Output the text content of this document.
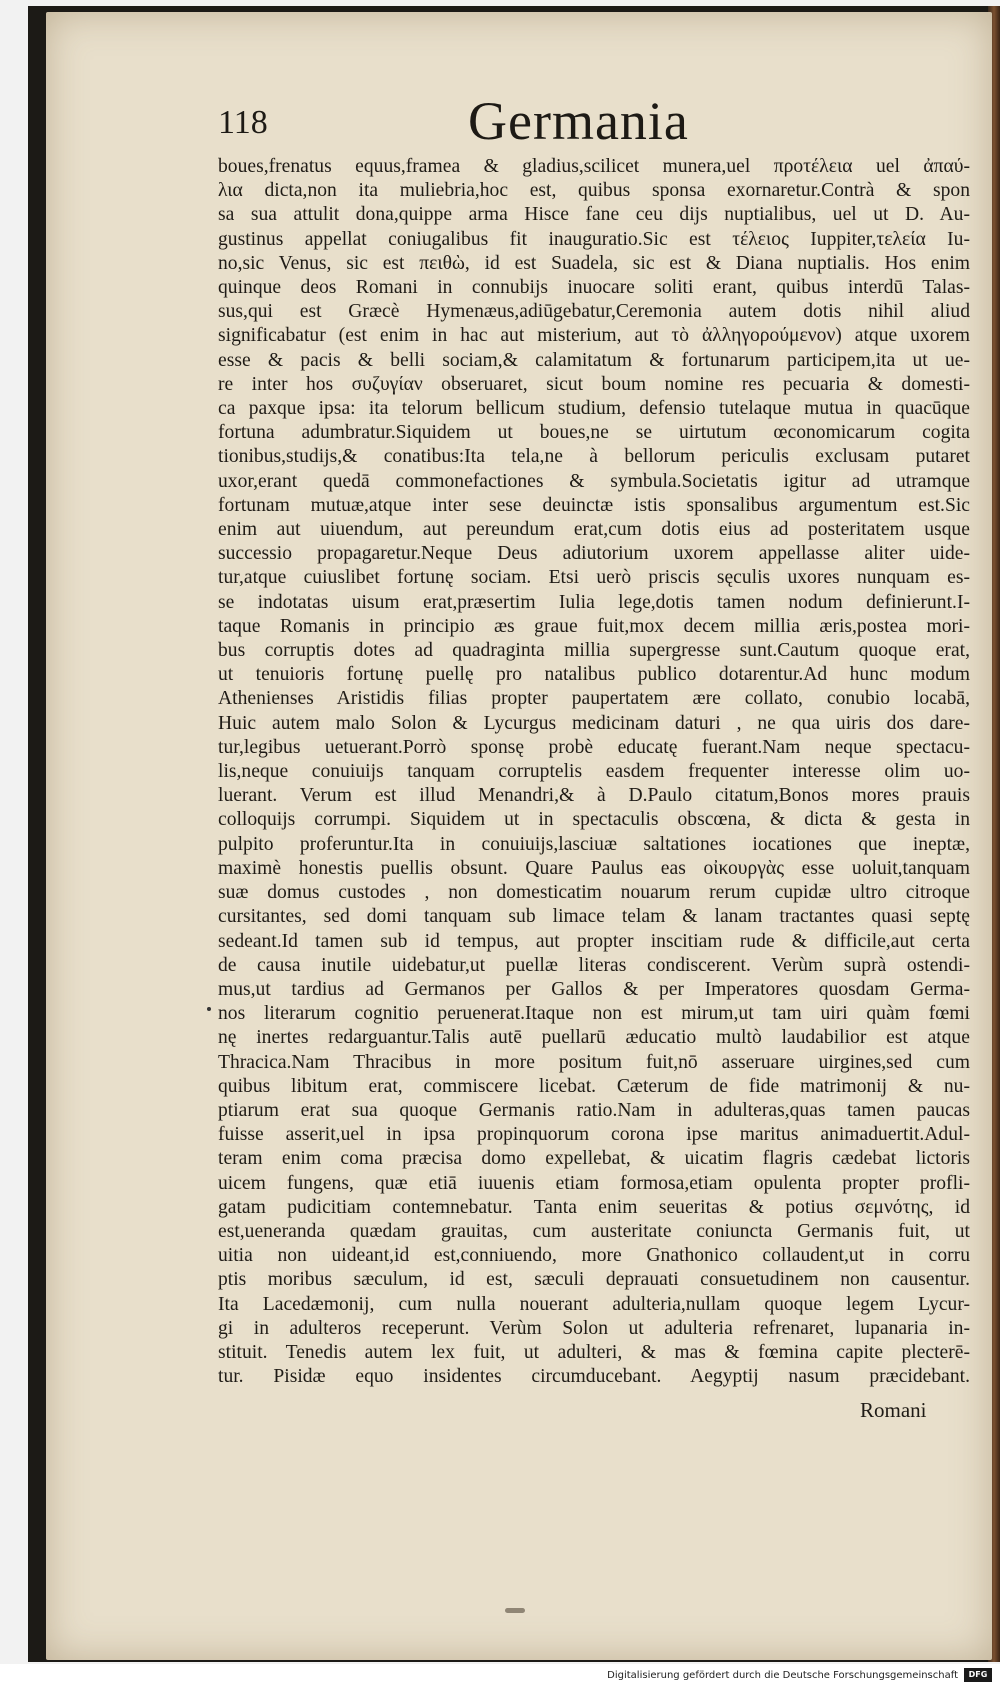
118	Germania
boues,frenatus equus,framea & gladius,scilicet munera,uel προτέλεια uel ἀπαύ-
λια dicta,non ita muliebria,hoc est, quibus sponsa exornaretur.Contrà & spon
sa sua attulit dona,quippe arma Hisce fane ceu dijs nuptialibus, uel ut D. Au-
gustinus appellat coniugalibus fit inauguratio.Sic est τέλειος Iuppiter,τελεία Iu-
no,sic Venus, sic est πειθὼ, id est Suadela, sic est & Diana nuptialis. Hos enim
quinque deos Romani in connubijs inuocare soliti erant, quibus interdū Talas-
sus,qui est Græcè Hymenæus,adiūgebatur,Ceremonia autem dotis nihil aliud
significabatur (est enim in hac aut misterium, aut τὸ ἀλληγορούμενον) atque uxorem
esse & pacis & belli sociam,& calamitatum & fortunarum participem,ita ut ue-
re inter hos συζυγίαν obseruaret, sicut boum nomine res pecuaria & domesti-
ca paxque ipsa: ita telorum bellicum studium, defensio tutelaque mutua in quacūque
fortuna adumbratur.Siquidem ut boues,ne se uirtutum œconomicarum cogita
tionibus,studijs,& conatibus:Ita tela,ne à bellorum periculis exclusam putaret
uxor,erant quedā commonefactiones & symbula.Societatis igitur ad utramque
fortunam mutuæ,atque inter sese deuinctæ istis sponsalibus argumentum est.Sic
enim aut uiuendum, aut pereundum erat,cum dotis eius ad posteritatem usque
successio propagaretur.Neque Deus adiutorium uxorem appellasse aliter uide-
tur,atque cuiuslibet fortunę sociam. Etsi uerò priscis sęculis uxores nunquam es-
se indotatas uisum erat,præsertim Iulia lege,dotis tamen nodum definierunt.I-
taque Romanis in principio æs graue fuit,mox decem millia æris,postea mori-
bus corruptis dotes ad quadraginta millia supergresse sunt.Cautum quoque erat,
ut tenuioris fortunę puellę pro natalibus publico dotarentur.Ad hunc modum
Athenienses Aristidis filias propter paupertatem ære collato, conubio locabā,
Huic autem malo Solon & Lycurgus medicinam daturi , ne qua uiris dos dare-
tur,legibus uetuerant.Porrò sponsę probè educatę fuerant.Nam neque spectacu-
lis,neque conuiuijs tanquam corruptelis easdem frequenter interesse olim uo-
luerant. Verum est illud Menandri,& à D.Paulo citatum,Bonos mores prauis
colloquijs corrumpi. Siquidem ut in spectaculis obscœna, & dicta & gesta in
pulpito proferuntur.Ita in conuiuijs,lasciuæ saltationes iocationes que ineptæ,
maximè honestis puellis obsunt. Quare Paulus eas οἰκουργὰς esse uoluit,tanquam
suæ domus custodes , non domesticatim nouarum rerum cupidæ ultro citroque
cursitantes, sed domi tanquam sub limace telam & lanam tractantes quasi septę
sedeant.Id tamen sub id tempus, aut propter inscitiam rude & difficile,aut certa
de causa inutile uidebatur,ut puellæ literas condiscerent. Verùm suprà ostendi-
mus,ut tardius ad Germanos per Gallos & per Imperatores quosdam Germa-
nos literarum cognitio peruenerat.Itaque non est mirum,ut tam uiri quàm fœmi
nę inertes redarguantur.Talis autē puellarū æducatio multò laudabilior est atque
Thracica.Nam Thracibus in more positum fuit,nō asseruare uirgines,sed cum
quibus libitum erat, commiscere licebat. Cæterum de fide matrimonij & nu-
ptiarum erat sua quoque Germanis ratio.Nam in adulteras,quas tamen paucas
fuisse asserit,uel in ipsa propinquorum corona ipse maritus animaduertit.Adul-
teram enim coma præcisa domo expellebat, & uicatim flagris cædebat lictoris
uicem fungens, quæ etiā iuuenis etiam formosa,etiam opulenta propter profli-
gatam pudicitiam contemnebatur. Tanta enim seueritas & potius σεμνότης, id
est,ueneranda quædam grauitas, cum austeritate coniuncta Germanis fuit, ut
uitia non uideant,id est,conniuendo, more Gnathonico collaudent,ut in corru
ptis moribus sæculum, id est, sæculi deprauati consuetudinem non causentur.
Ita Lacedæmonij, cum nulla nouerant adulteria,nullam quoque legem Lycur-
gi in adulteros receperunt. Verùm Solon ut adulteria refrenaret, lupanaria in-
stituit. Tenedis autem lex fuit, ut adulteri, & mas & fœmina capite plecterē-
tur. Pisidæ equo insidentes circumducebant. Aegyptij nasum præcidebant.
Romani
Digitalisierung gefördert durch die Deutsche Forschungsgemeinschaft	DFG
